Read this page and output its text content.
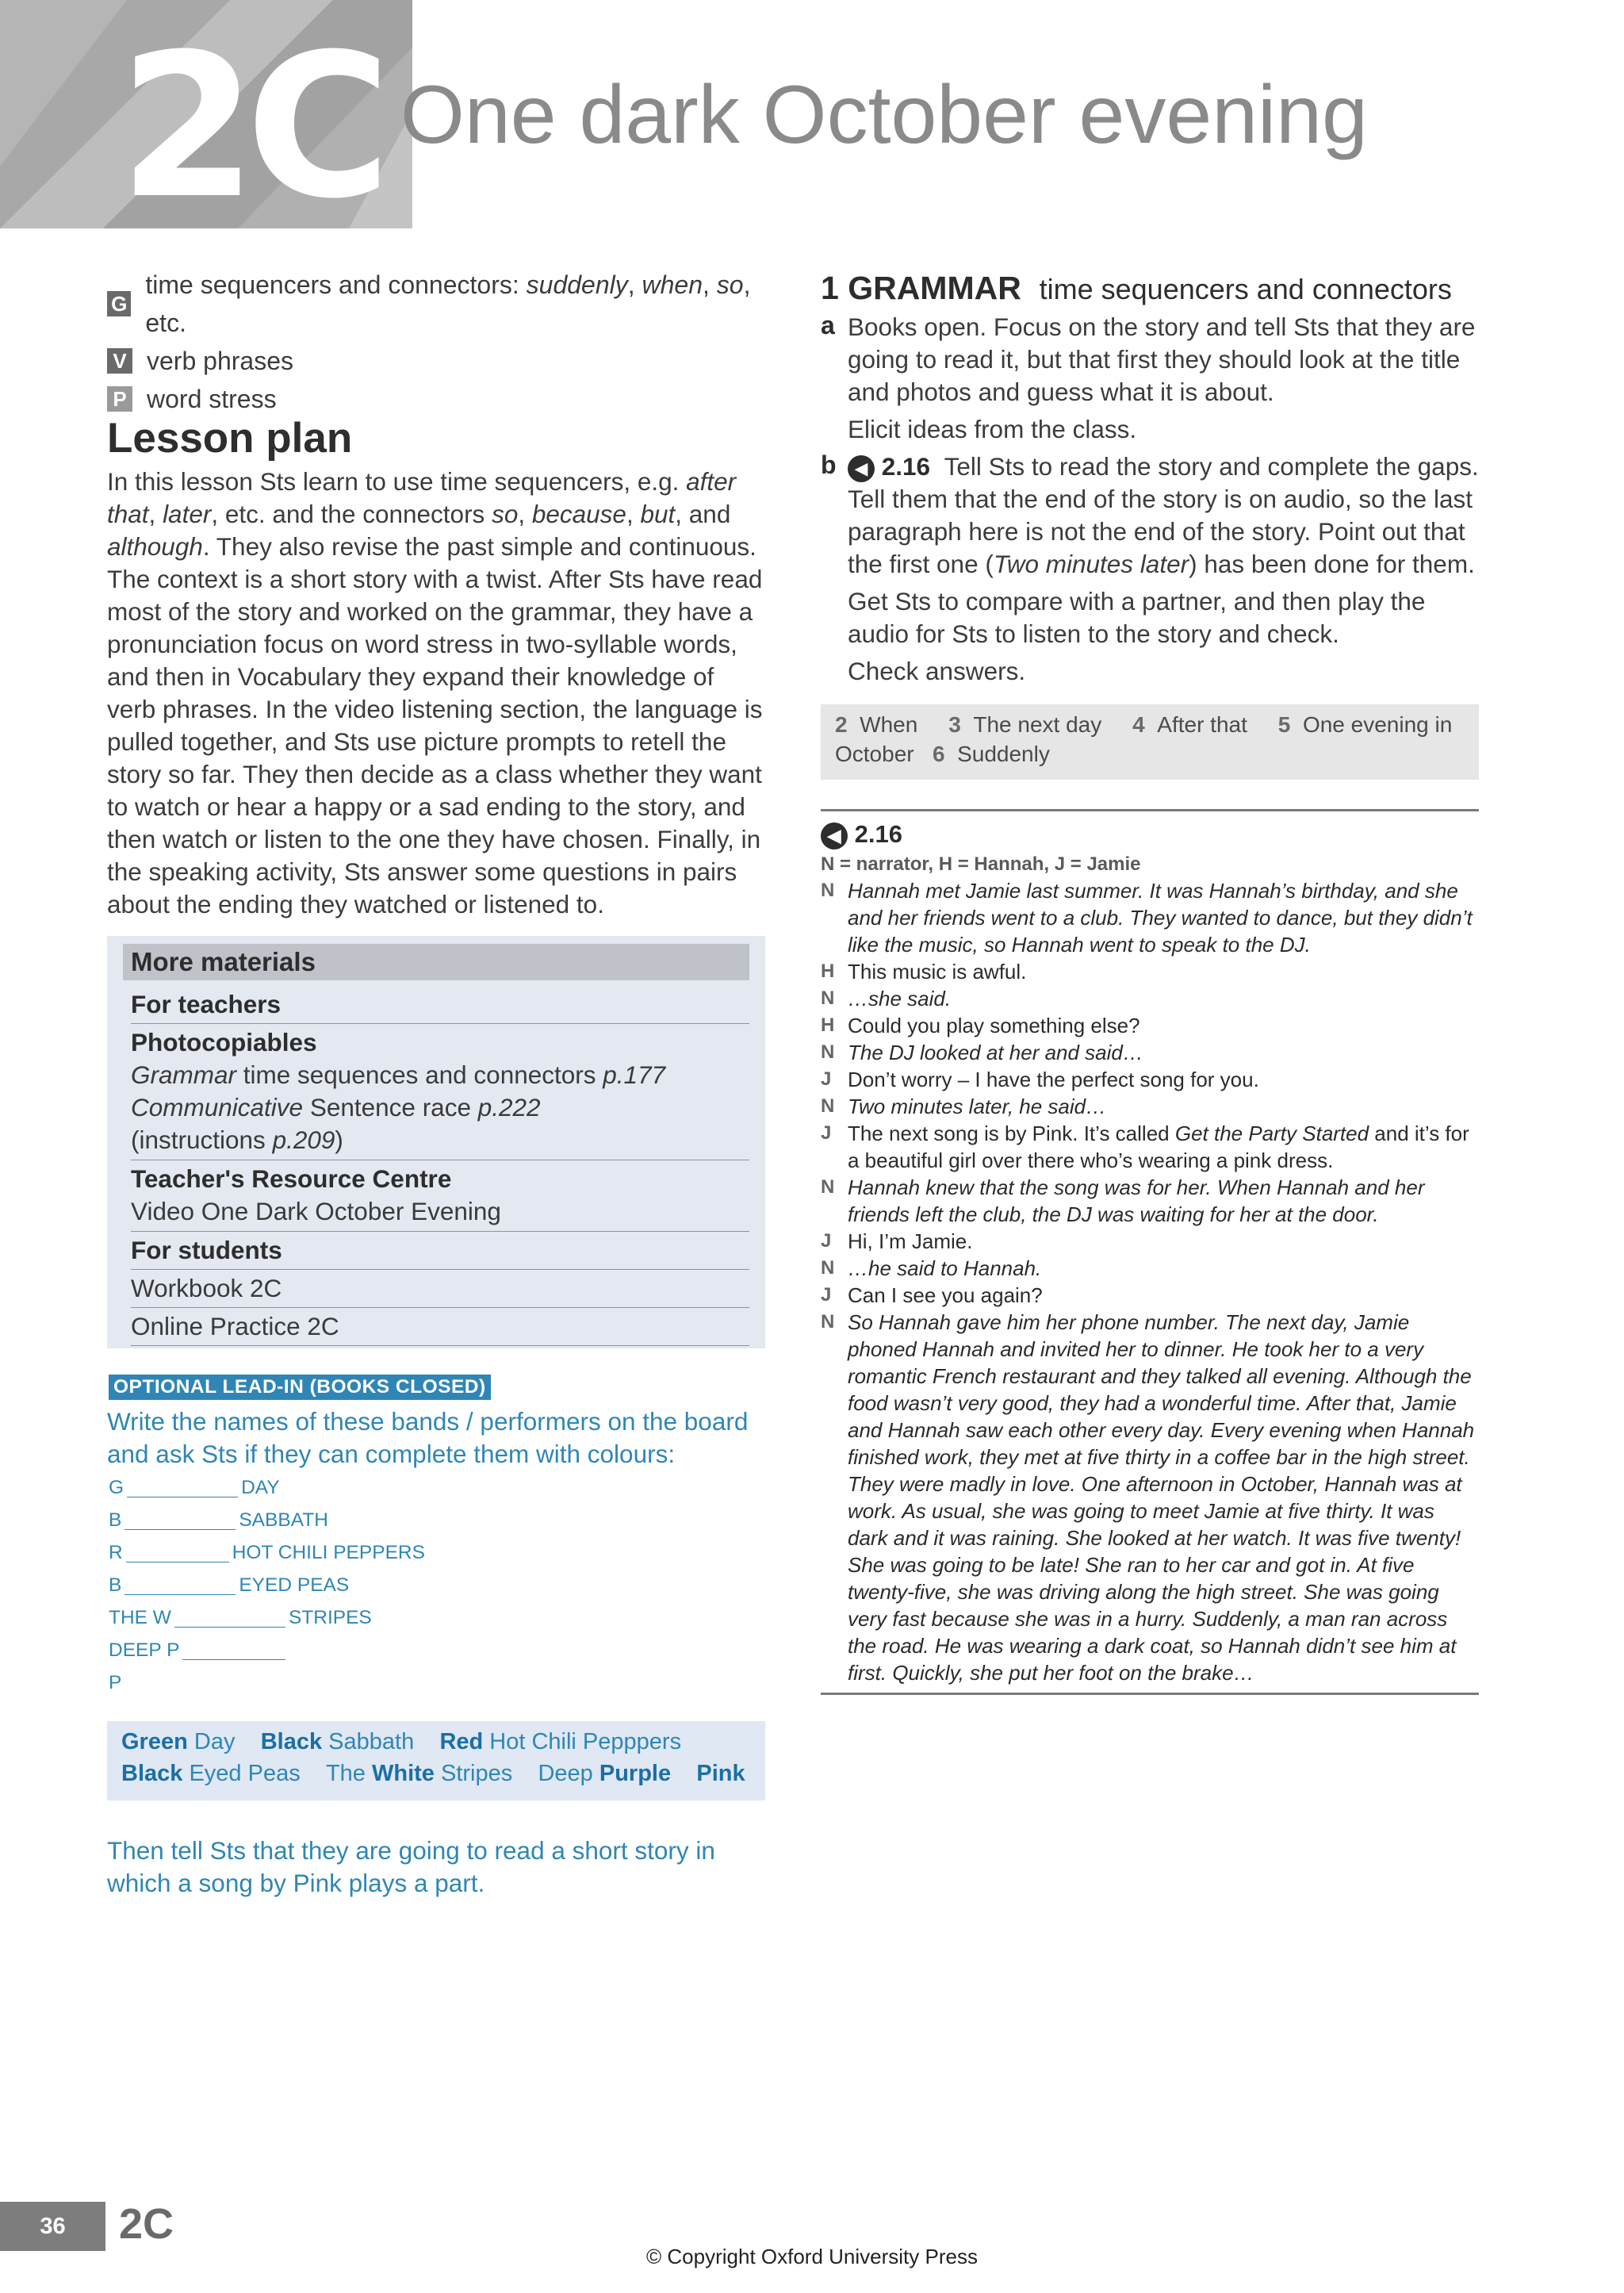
2C One dark October evening
G
time sequencers and connectors: suddenly, when, so, etc.
V verb phrases
P word stress
Lesson plan
In this lesson Sts learn to use time sequencers, e.g. after that, later, etc. and the connectors so, because, but, and although. They also revise the past simple and continuous. The context is a short story with a twist. After Sts have read most of the story and worked on the grammar, they have a pronunciation focus on word stress in two-syllable words, and then in Vocabulary they expand their knowledge of verb phrases. In the video listening section, the language is pulled together, and Sts use picture prompts to retell the story so far. They then decide as a class whether they want to watch or hear a happy or a sad ending to the story, and then watch or listen to the one they have chosen. Finally, in the speaking activity, Sts answer some questions in pairs about the ending they watched or listened to.
More materials
For teachers
Photocopiables
Grammar time sequences and connectors p.177
Communicative Sentence race p.222
(instructions p.209)
Teacher's Resource Centre
Video One Dark October Evening
For students
Workbook 2C
Online Practice 2C
OPTIONAL LEAD-IN (BOOKS CLOSED)
Write the names of these bands / performers on the board and ask Sts if they can complete them with colours:
G	DAY
B	SABBATH
R	HOT CHILI PEPPERS
B	EYED PEAS
THE W	STRIPES
DEEP P
P
Green Day Black Sabbath Red Hot Chili Pepppers
Black Eyed Peas The White Stripes Deep Purple Pink
Then tell Sts that they are going to read a short story in which a song by Pink plays a part.
1 GRAMMAR time sequencers and connectors
a Books open. Focus on the story and tell Sts that they are going to read it, but that first they should look at the title and photos and guess what it is about.
Elicit ideas from the class.
b	◀ 2.16 Tell Sts to read the story and complete the gaps. Tell them that the end of the story is on audio, so the last paragraph here is not the end of the story. Point out that the first one (Two minutes later) has been done for them.
Get Sts to compare with a partner, and then play the audio for Sts to listen to the story and check.
Check answers.
2 When 3 The next day 4 After that 5 One evening in
October 6 Suddenly
◀ 2.16
N = narrator, H = Hannah, J = Jamie
N Hannah met Jamie last summer. It was Hannah’s birthday, and she and her friends went to a club. They wanted to dance, but they didn’t like the music, so Hannah went to speak to the DJ.
H This music is awful.
N …she said.
H Could you play something else?
N The DJ looked at her and said…
J Don’t worry – I have the perfect song for you.
N Two minutes later, he said…
J The next song is by Pink. It’s called Get the Party Started and it’s for a beautiful girl over there who’s wearing a pink dress.
N Hannah knew that the song was for her. When Hannah and her friends left the club, the DJ was waiting for her at the door.
J Hi, I’m Jamie.
N …he said to Hannah.
J Can I see you again?
N So Hannah gave him her phone number. The next day, Jamie phoned Hannah and invited her to dinner. He took her to a very romantic French restaurant and they talked all evening. Although the food wasn’t very good, they had a wonderful time. After that, Jamie and Hannah saw each other every day. Every evening when Hannah finished work, they met at five thirty in a coffee bar in the high street. They were madly in love. One afternoon in October, Hannah was at work. As usual, she was going to meet Jamie at five thirty. It was dark and it was raining. She looked at her watch. It was five twenty! She was going to be late! She ran to her car and got in. At five twenty-five, she was driving along the high street. She was going very fast because she was in a hurry. Suddenly, a man ran across the road. He was wearing a dark coat, so Hannah didn’t see him at first. Quickly, she put her foot on the brake…
36	2C
© Copyright Oxford University Press
